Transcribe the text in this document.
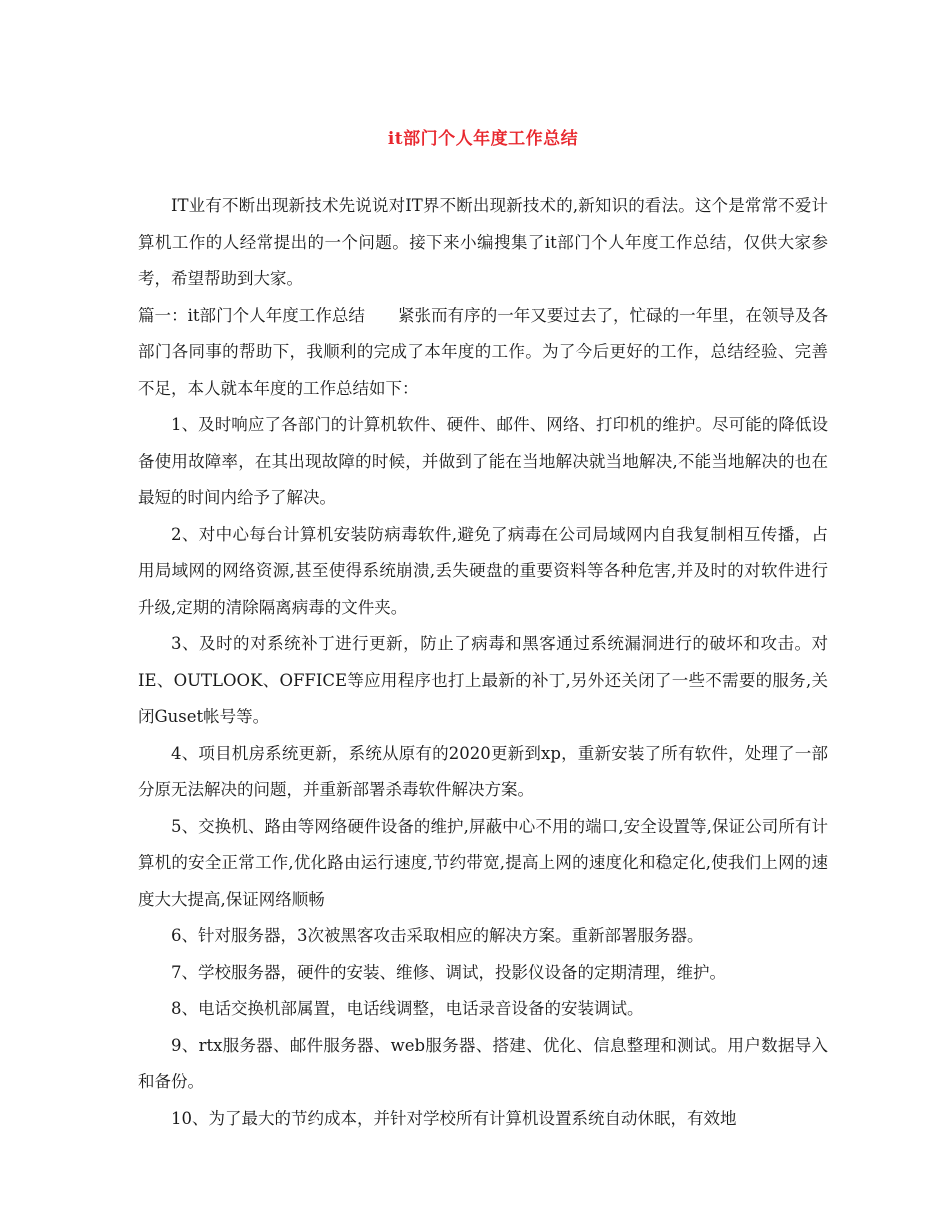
it部门个人年度工作总结

IT业有不断出现新技术先说说对IT界不断出现新技术的,新知识的看法。这个是常常不爱计算机工作的人经常提出的一个问题。接下来小编搜集了it部门个人年度工作总结，仅供大家参考，希望帮助到大家。

篇一：it部门个人年度工作总结　　紧张而有序的一年又要过去了，忙碌的一年里，在领导及各部门各同事的帮助下，我顺利的完成了本年度的工作。为了今后更好的工作，总结经验、完善不足，本人就本年度的工作总结如下：

1、及时响应了各部门的计算机软件、硬件、邮件、网络、打印机的维护。尽可能的降低设备使用故障率，在其出现故障的时候，并做到了能在当地解决就当地解决,不能当地解决的也在最短的时间内给予了解决。

2、对中心每台计算机安装防病毒软件,避免了病毒在公司局域网内自我复制相互传播，占用局域网的网络资源,甚至使得系统崩溃,丢失硬盘的重要资料等各种危害,并及时的对软件进行升级,定期的清除隔离病毒的文件夹。

3、及时的对系统补丁进行更新，防止了病毒和黑客通过系统漏洞进行的破坏和攻击。对IE、OUTLOOK、OFFICE等应用程序也打上最新的补丁,另外还关闭了一些不需要的服务,关闭Guset帐号等。

4、项目机房系统更新，系统从原有的2020更新到xp，重新安装了所有软件，处理了一部分原无法解决的问题，并重新部署杀毒软件解决方案。

5、交换机、路由等网络硬件设备的维护,屏蔽中心不用的端口,安全设置等,保证公司所有计算机的安全正常工作,优化路由运行速度,节约带宽,提高上网的速度化和稳定化,使我们上网的速度大大提高,保证网络顺畅

6、针对服务器，3次被黑客攻击采取相应的解决方案。重新部署服务器。

7、学校服务器，硬件的安装、维修、调试，投影仪设备的定期清理，维护。

8、电话交换机部属置，电话线调整，电话录音设备的安装调试。

9、rtx服务器、邮件服务器、web服务器、搭建、优化、信息整理和测试。用户数据导入和备份。

10、为了最大的节约成本，并针对学校所有计算机设置系统自动休眠，有效地
